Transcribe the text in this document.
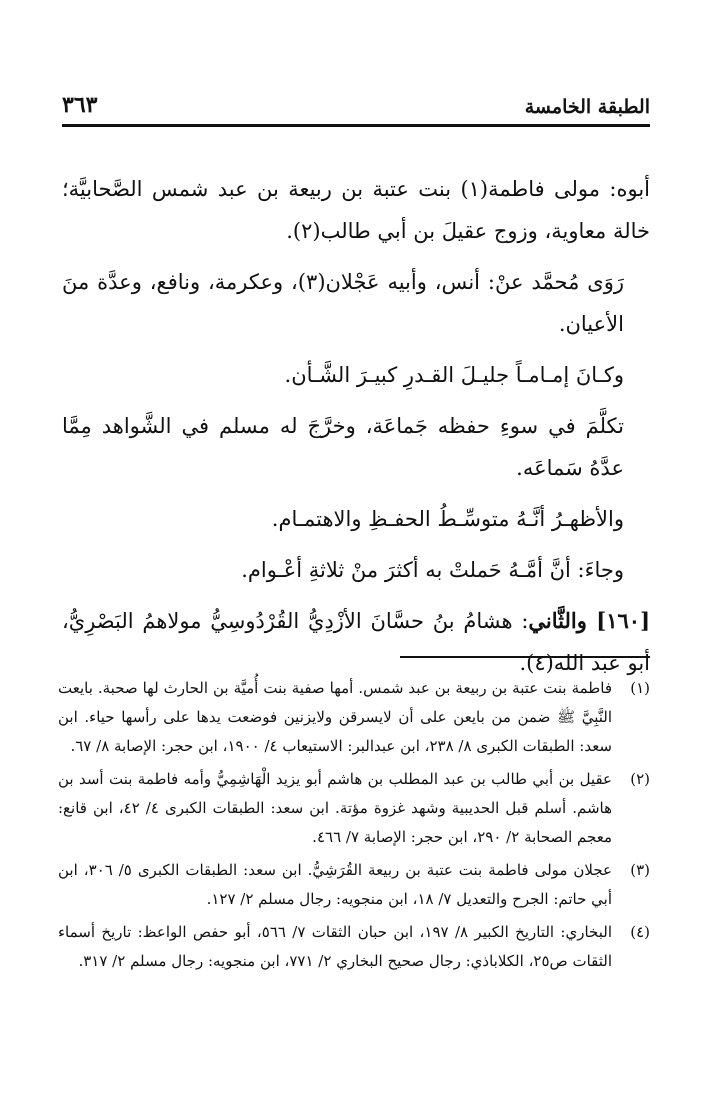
الطبقة الخامسة
٣٦٣

أبوه: مولى فاطمة(١) بنت عتبة بن ربيعة بن عبد شمس الصَّحابيَّة؛ خالة معاوية، وزوج عقيلَ بن أبي طالب(٢).

رَوَى مُحمَّد عنْ: أنس، وأبيه عَجْلان(٣)، وعكرمة، ونافع، وعدَّة منَ الأعيان.

وكـانَ إمـامـاً جليـلَ القـدرِ كبيـرَ الشَّـأن.

تكلَّمَ في سوءِ حفظه جَماعَة، وخرَّجَ له مسلم في الشَّواهد مِمَّا عدَّهُ سَماعَه.

والأظهـرُ أنَّـهُ متوسِّـطُ الحفـظِ والاهتمـام.

وجاءَ: أنَّ أمَّـهُ حَملتْ به أكثرَ منْ ثلاثةِ أعْـوام.

[١٦٠] والثَّاني: هشامُ بنُ حسَّانَ الأزْدِيُّ القُرْدُوسِيُّ مولاهمُ البَصْرِيُّ، أبو عبد الله(٤).

(١)
فاطمة بنت عتبة بن ربيعة بن عبد شمس. أمها صفية بنت أُميَّة بن الحارث لها صحبة. بايعت النَّبِيَّ ﷺ ضمن من بايعن على أن لايسرقن ولايزنين فوضعت يدها على رأسها حياء. ابن سعد: الطبقات الكبرى ٨/ ٢٣٨، ابن عبدالبر: الاستيعاب ٤/ ١٩٠٠، ابن حجر: الإصابة ٨/ ٦٧.
(٢)
عقيل بن أبي طالب بن عبد المطلب بن هاشم أبو يزيد الْهَاشِمِيُّ وأمه فاطمة بنت أسد بن هاشم. أسلم قبل الحديبية وشهد غزوة مؤتة. ابن سعد: الطبقات الكبرى ٤/ ٤٢، ابن قانع: معجم الصحابة ٢/ ٢٩٠، ابن حجر: الإصابة ٧/ ٤٦٦.
(٣)
عجلان مولى فاطمة بنت عتبة بن ربيعة القُرَشِيُّ. ابن سعد: الطبقات الكبرى ٥/ ٣٠٦، ابن أبي حاتم: الجرح والتعديل ٧/ ١٨، ابن منجويه: رجال مسلم ٢/ ١٢٧.
(٤)
البخاري: التاريخ الكبير ٨/ ١٩٧، ابن حبان الثقات ٧/ ٥٦٦، أبو حفص الواعظ: تاريخ أسماء الثقات ص٢٥، الكلاباذي: رجال صحيح البخاري ٢/ ٧٧١، ابن منجويه: رجال مسلم ٢/ ٣١٧.
